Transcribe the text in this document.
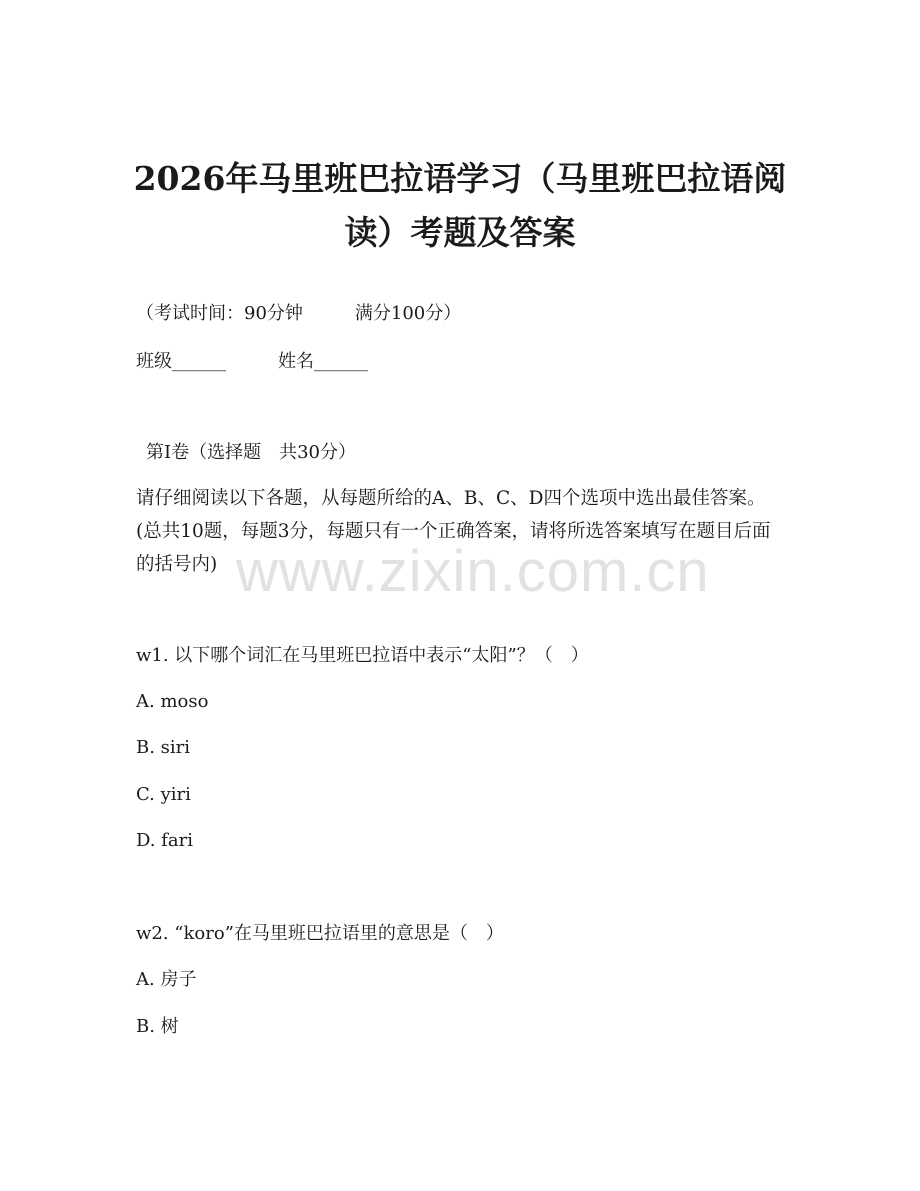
2026年马里班巴拉语学习（马里班巴拉语阅读）考题及答案
（考试时间：90分钟	满分100分）
班级______	姓名______
第Ⅰ卷（选择题　共30分）
请仔细阅读以下各题，从每题所给的A、B、C、D四个选项中选出最佳答案。(总共10题，每题3分，每题只有一个正确答案，请将所选答案填写在题目后面的括号内) www.zixin.com.cn
w1. 以下哪个词汇在马里班巴拉语中表示“太阳”？（　）
A. moso
B. siri
C. yiri
D. fari
w2. “koro”在马里班巴拉语里的意思是（　）
A. 房子
B. 树
